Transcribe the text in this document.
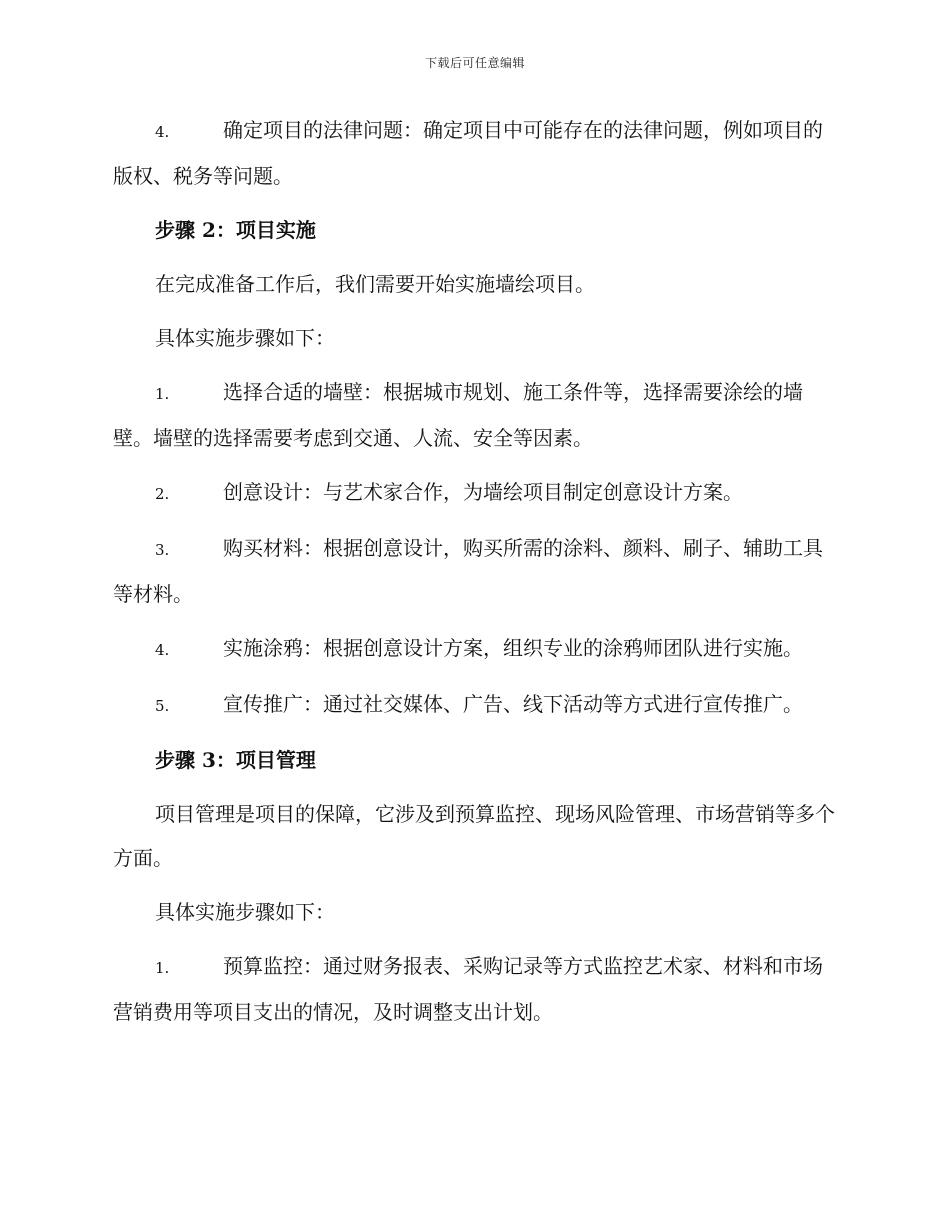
下载后可任意编辑

4.	确定项目的法律问题：确定项目中可能存在的法律问题，例如项目的版权、税务等问题。

步骤 2：项目实施

在完成准备工作后，我们需要开始实施墙绘项目。

具体实施步骤如下：

1.	选择合适的墙壁：根据城市规划、施工条件等，选择需要涂绘的墙壁。墙壁的选择需要考虑到交通、人流、安全等因素。

2.	创意设计：与艺术家合作，为墙绘项目制定创意设计方案。

3.	购买材料：根据创意设计，购买所需的涂料、颜料、刷子、辅助工具等材料。

4.	实施涂鸦：根据创意设计方案，组织专业的涂鸦师团队进行实施。

5.	宣传推广：通过社交媒体、广告、线下活动等方式进行宣传推广。

步骤 3：项目管理

项目管理是项目的保障，它涉及到预算监控、现场风险管理、市场营销等多个方面。

具体实施步骤如下：

1.	预算监控：通过财务报表、采购记录等方式监控艺术家、材料和市场营销费用等项目支出的情况，及时调整支出计划。
